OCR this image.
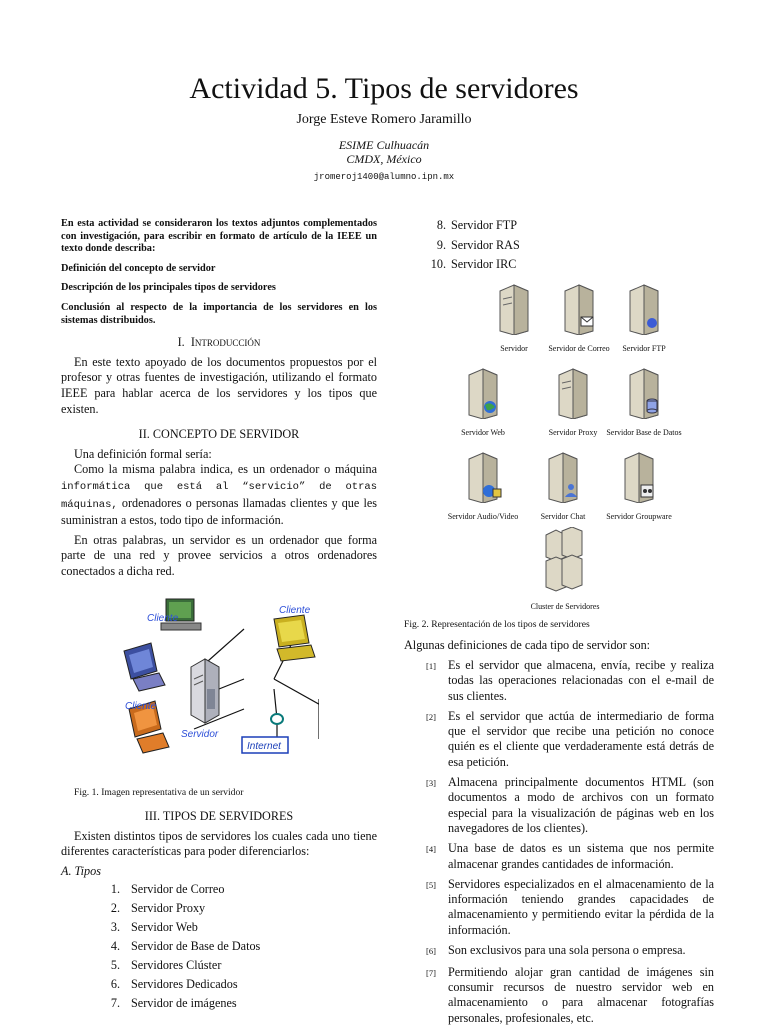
Actividad 5. Tipos de servidores
Jorge Esteve Romero Jaramillo
ESIME Culhuacán
CMDX, México
jromeroj1400@alumno.ipn.mx
En esta actividad se consideraron los textos adjuntos complementados con investigación, para escribir en formato de artículo de la IEEE un texto donde describa:
Definición del concepto de servidor
Descripción de los principales tipos de servidores
Conclusión al respecto de la importancia de los servidores en los sistemas distribuidos.
I. Introducción

En este texto apoyado de los documentos propuestos por el profesor y otras fuentes de investigación, utilizando el formato IEEE para hablar acerca de los servidores y los tipos que existen.

II. CONCEPTO DE SERVIDOR

Una definición formal sería:

Como la misma palabra indica, es un ordenador o máquina informática que está al “servicio” de otras máquinas, ordenadores o personas llamadas clientes y que les suministran a estos, todo tipo de información.

En otras palabras, un servidor es un ordenador que forma parte de una red y provee servicios a otros ordenadores conectados a dicha red.

Cliente
Cliente
Cliente
Servidor
Internet
Fig. 1. Imagen representativa de un servidor
III. TIPOS DE SERVIDORES

Existen distintos tipos de servidores los cuales cada uno tiene diferentes características para poder diferenciarlos:

A. Tipos
1. Servidor de Correo
2. Servidor Proxy
3. Servidor Web
4. Servidor de Base de Datos
5. Servidores Clúster
6. Servidores Dedicados
7. Servidor de imágenes
8. Servidor FTP
9. Servidor RAS
10. Servidor IRC
Servidor	Servidor de Correo	Servidor FTP
Servidor Web	Servidor Proxy	Servidor Base de Datos
Servidor Audio/Video	Servidor Chat	Servidor Groupware
Cluster de Servidores
Fig. 2. Representación de los tipos de servidores
Algunas definiciones de cada tipo de servidor son:
[1] Es el servidor que almacena, envía, recibe y realiza todas las operaciones relacionadas con el e-mail de sus clientes.
[2] Es el servidor que actúa de intermediario de forma que el servidor que recibe una petición no conoce quién es el cliente que verdaderamente está detrás de esa petición.
[3] Almacena principalmente documentos HTML (son documentos a modo de archivos con un formato especial para la visualización de páginas web en los navegadores de los clientes).
[4] Una base de datos es un sistema que nos permite almacenar grandes cantidades de información.
[5] Servidores especializados en el almacenamiento de la información teniendo grandes capacidades de almacenamiento y permitiendo evitar la pérdida de la información.
[6] Son exclusivos para una sola persona o empresa.
[7] Permitiendo alojar gran cantidad de imágenes sin consumir recursos de nuestro servidor web en almacenamiento o para almacenar fotografías personales, profesionales, etc.
